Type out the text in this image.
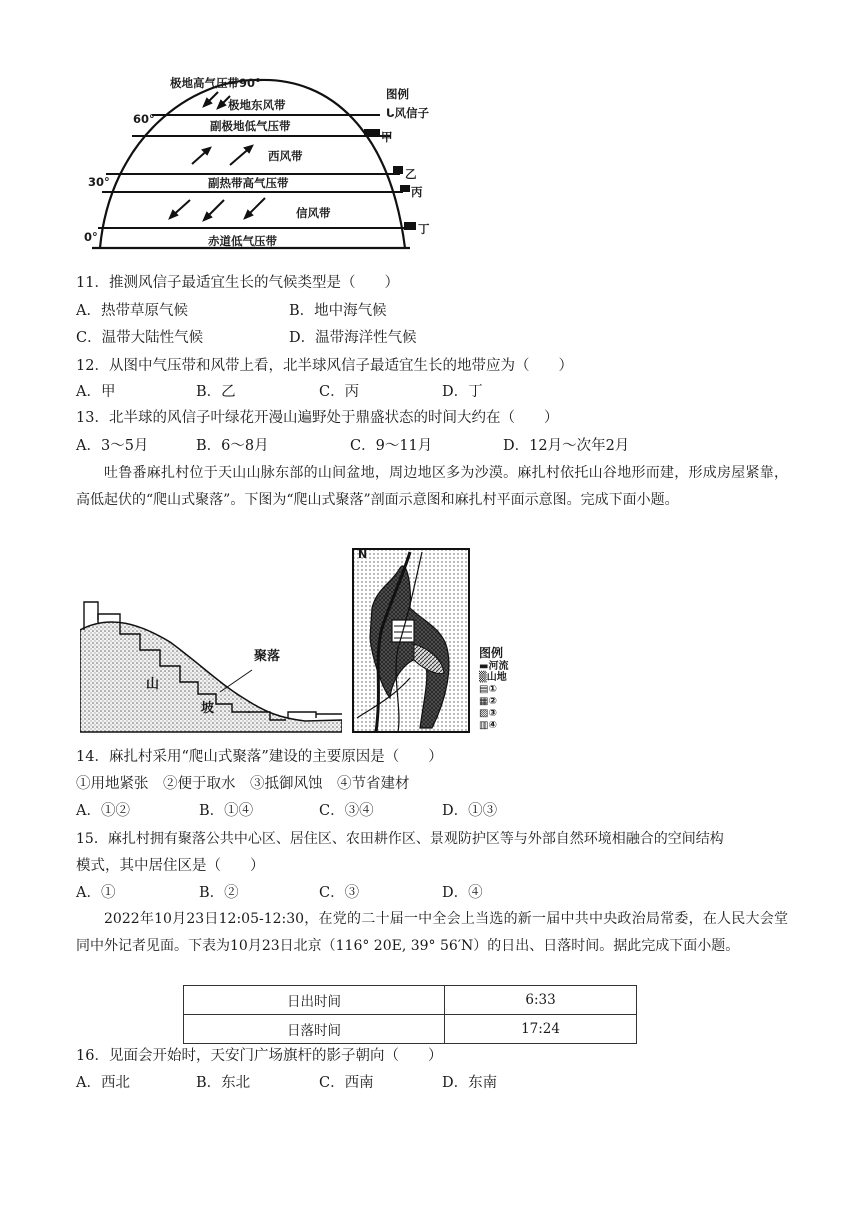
极地高气压带90°
极地东风带
副极地低气压带
西风带
副热带高气压带
信风带
赤道低气压带
60°
30°
0°
图例
ᒐ风信子
甲
乙
丙
丁
11．推测风信子最适宜生长的气候类型是（　　）
A．热带草原气候	B．地中海气候
C．温带大陆性气候	D．温带海洋性气候
12．从图中气压带和风带上看，北半球风信子最适宜生长的地带应为（　　）
A．甲	B．乙	C．丙	D．丁
13．北半球的风信子叶绿花开漫山遍野处于鼎盛状态的时间大约在（　　）
A．3～5月	B．6～8月	C．9～11月	D．12月～次年2月
吐鲁番麻扎村位于天山山脉东部的山间盆地，周边地区多为沙漠。麻扎村依托山谷地形而建，形成房屋紧靠，高低起伏的“爬山式聚落”。下图为“爬山式聚落”剖面示意图和麻扎村平面示意图。完成下面小题。
聚落
山
坡
N
图例
▬河流
▒山地
▤①
▦②
▨③
▥④
14．麻扎村采用“爬山式聚落”建设的主要原因是（　　）
①用地紧张　②便于取水　③抵御风蚀　④节省建材
A．①②	B．①④	C．③④	D．①③
15．麻扎村拥有聚落公共中心区、居住区、农田耕作区、景观防护区等与外部自然环境相融合的空间结构
模式，其中居住区是（　　）
A．①	B．②	C．③	D．④
2022年10月23日12:05-12:30，在党的二十届一中全会上当选的新一届中共中央政治局常委，在人民大会堂同中外记者见面。下表为10月23日北京（116° 20E, 39° 56′N）的日出、日落时间。据此完成下面小题。
日出时间	6:33
日落时间	17:24
16．见面会开始时，天安门广场旗杆的影子朝向（　　）
A．西北	B．东北	C．西南	D．东南
